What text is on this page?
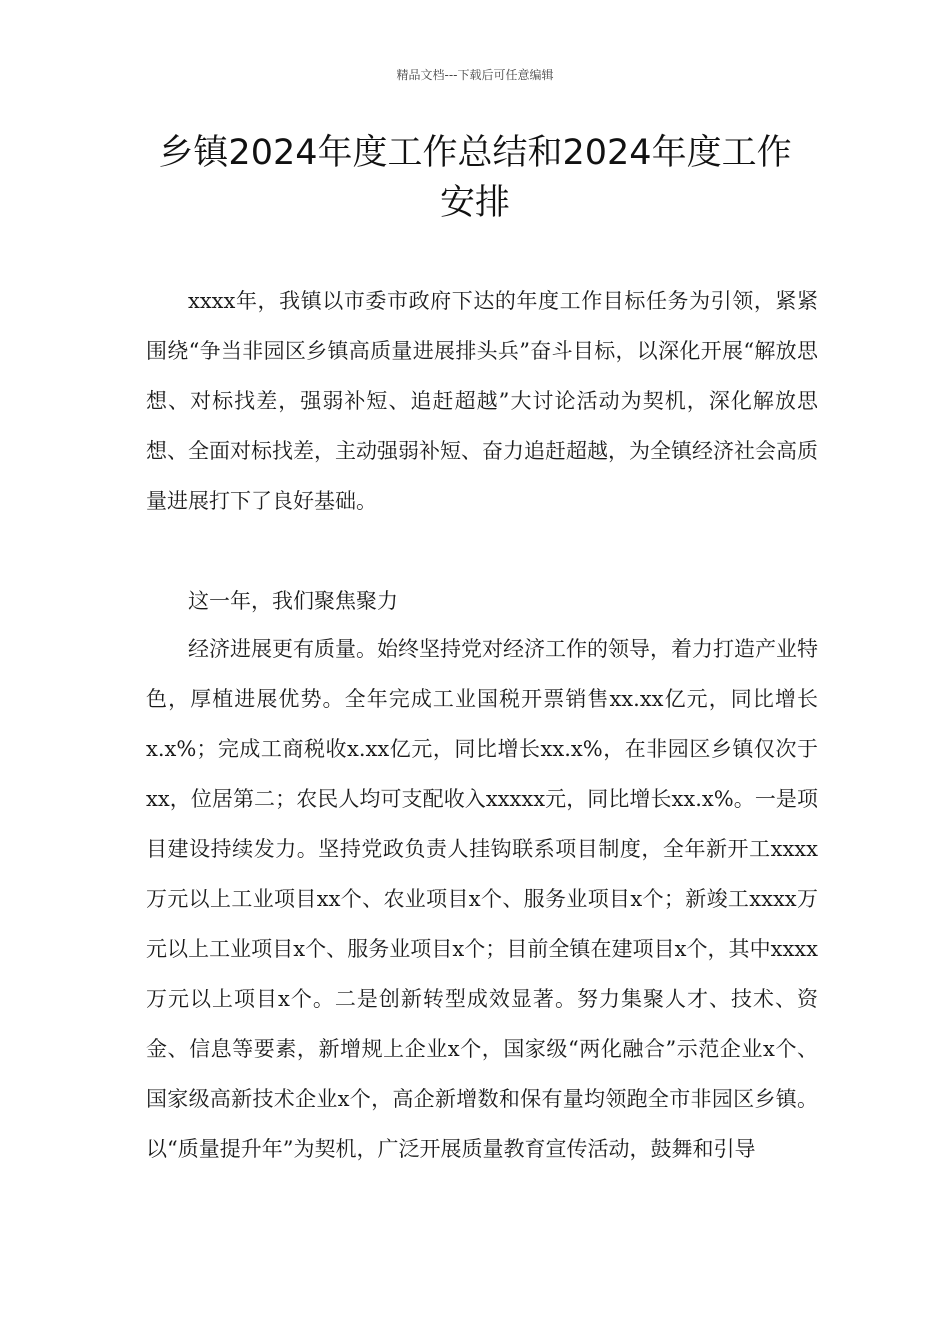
精品文档---下载后可任意编辑
乡镇2024年度工作总结和2024年度工作安排

xxxx年，我镇以市委市政府下达的年度工作目标任务为引领，紧紧围绕“争当非园区乡镇高质量进展排头兵”奋斗目标，以深化开展“解放思想、对标找差，强弱补短、追赶超越”大讨论活动为契机，深化解放思想、全面对标找差，主动强弱补短、奋力追赶超越，为全镇经济社会高质量进展打下了良好基础。

这一年，我们聚焦聚力

经济进展更有质量。始终坚持党对经济工作的领导，着力打造产业特色，厚植进展优势。全年完成工业国税开票销售xx.xx亿元，同比增长x.x%；完成工商税收x.xx亿元，同比增长xx.x%，在非园区乡镇仅次于xx，位居第二；农民人均可支配收入xxxxx元，同比增长xx.x%。一是项目建设持续发力。坚持党政负责人挂钩联系项目制度，全年新开工xxxx万元以上工业项目xx个、农业项目x个、服务业项目x个；新竣工xxxx万元以上工业项目x个、服务业项目x个；目前全镇在建项目x个，其中xxxx万元以上项目x个。二是创新转型成效显著。努力集聚人才、技术、资金、信息等要素，新增规上企业x个，国家级“两化融合”示范企业x个、国家级高新技术企业x个，高企新增数和保有量均领跑全市非园区乡镇。以“质量提升年”为契机，广泛开展质量教育宣传活动，鼓舞和引导
